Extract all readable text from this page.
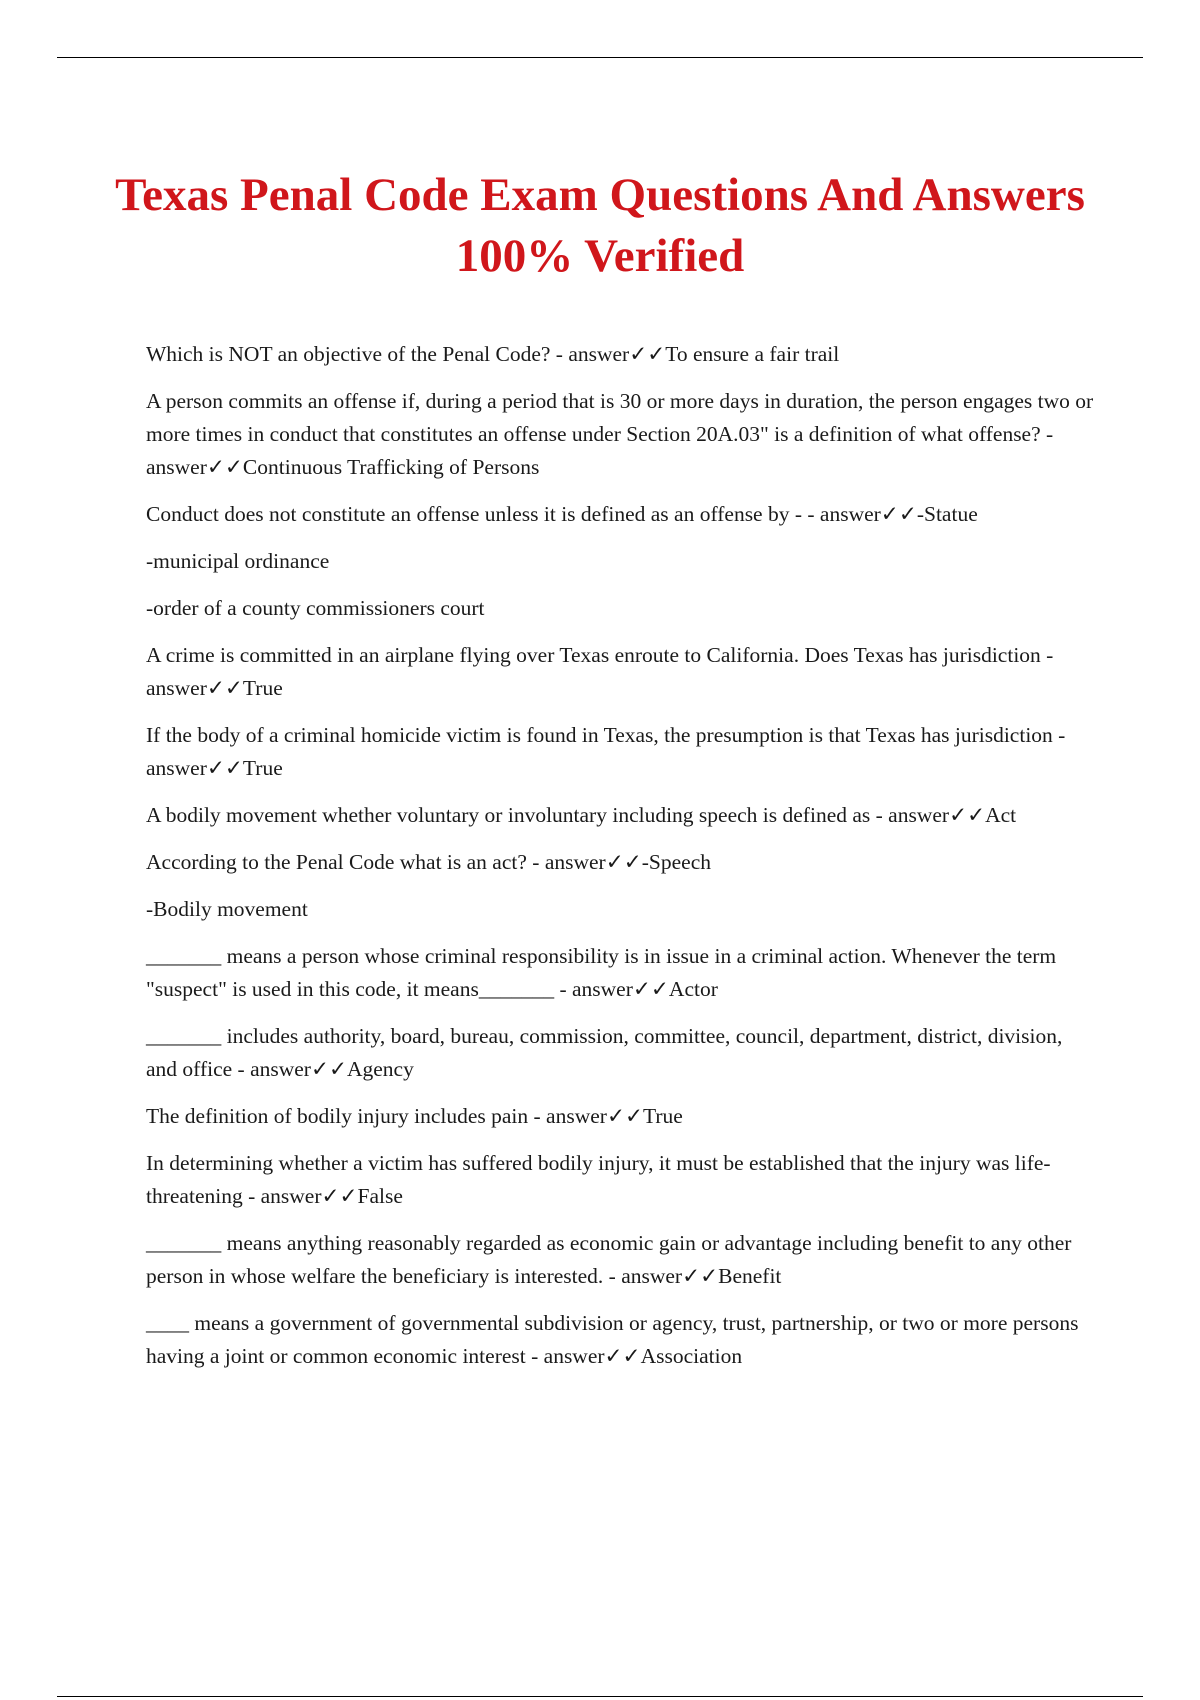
Texas Penal Code Exam Questions And Answers 100% Verified

Which is NOT an objective of the Penal Code? - answer✓✓To ensure a fair trail

A person commits an offense if, during a period that is 30 or more days in duration, the person engages two or more times in conduct that constitutes an offense under Section 20A.03" is a definition of what offense? - answer✓✓Continuous Trafficking of Persons

Conduct does not constitute an offense unless it is defined as an offense by - - answer✓✓-Statue

-municipal ordinance

-order of a county commissioners court

A crime is committed in an airplane flying over Texas enroute to California. Does Texas has jurisdiction - answer✓✓True

If the body of a criminal homicide victim is found in Texas, the presumption is that Texas has jurisdiction - answer✓✓True

A bodily movement whether voluntary or involuntary including speech is defined as - answer✓✓Act

According to the Penal Code what is an act? - answer✓✓-Speech

-Bodily movement

_______ means a person whose criminal responsibility is in issue in a criminal action. Whenever the term "suspect" is used in this code, it means_______ - answer✓✓Actor

_______ includes authority, board, bureau, commission, committee, council, department, district, division, and office - answer✓✓Agency

The definition of bodily injury includes pain - answer✓✓True

In determining whether a victim has suffered bodily injury, it must be established that the injury was life-threatening - answer✓✓False

_______ means anything reasonably regarded as economic gain or advantage including benefit to any other person in whose welfare the beneficiary is interested. - answer✓✓Benefit

____ means a government of governmental subdivision or agency, trust, partnership, or two or more persons having a joint or common economic interest - answer✓✓Association
